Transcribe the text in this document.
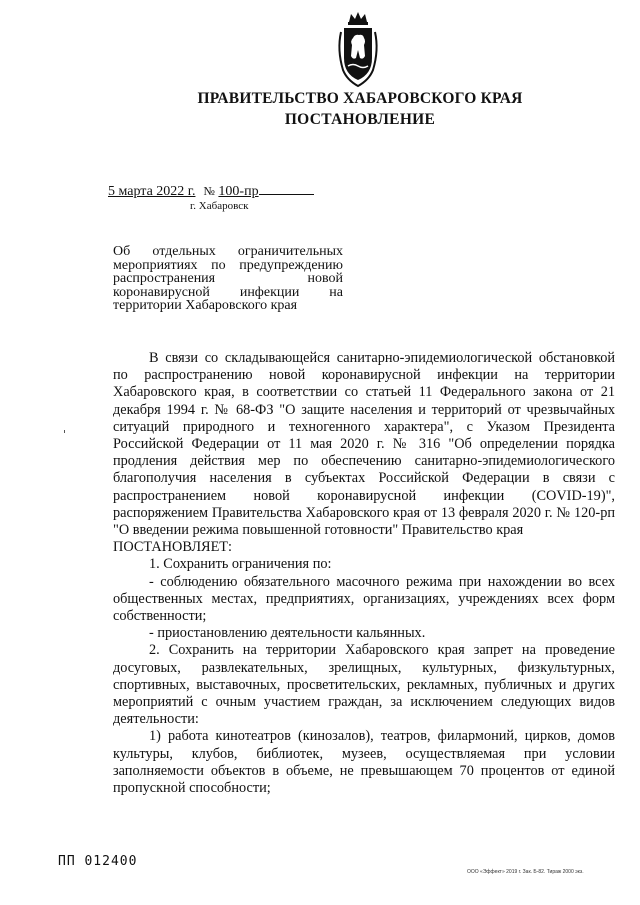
ПРАВИТЕЛЬСТВО ХАБАРОВСКОГО КРАЯ
ПОСТАНОВЛЕНИЕ
5 марта 2022 г. № 100-пр
г. Хабаровск
Об отдельных ограничительных мероприятиях по предупреждению распространения новой коронавирусной инфекции на территории Хабаровского края

В связи со складывающейся санитарно-эпидемиологической обстановкой по распространению новой коронавирусной инфекции на территории Хабаровского края, в соответствии со статьей 11 Федерального закона от 21 декабря 1994 г. № 68-ФЗ "О защите населения и территорий от чрезвычайных ситуаций природного и техногенного характера", с Указом Президента Российской Федерации от 11 мая 2020 г. № 316 "Об определении порядка продления действия мер по обеспечению санитарно-эпидемиологического благополучия населения в субъектах Российской Федерации в связи с распространением новой коронавирусной инфекции (COVID-19)", распоряжением Правительства Хабаровского края от 13 февраля 2020 г. № 120-рп "О введении режима повышенной готовности" Правительство края

ПОСТАНОВЛЯЕТ:

1. Сохранить ограничения по:

- соблюдению обязательного масочного режима при нахождении во всех общественных местах, предприятиях, организациях, учреждениях всех форм собственности;

- приостановлению деятельности кальянных.

2. Сохранить на территории Хабаровского края запрет на проведение досуговых, развлекательных, зрелищных, культурных, физкультурных, спортивных, выставочных, просветительских, рекламных, публичных и других мероприятий с очным участием граждан, за исключением следующих видов деятельности:

1) работа кинотеатров (кинозалов), театров, филармоний, цирков, домов культуры, клубов, библиотек, музеев, осуществляемая при условии заполняемости объектов в объеме, не превышающем 70 процентов от единой пропускной способности;

ПП 012400
ООО «Эффект» 2019 г. Зак. Б-82. Тираж 2000 экз.
